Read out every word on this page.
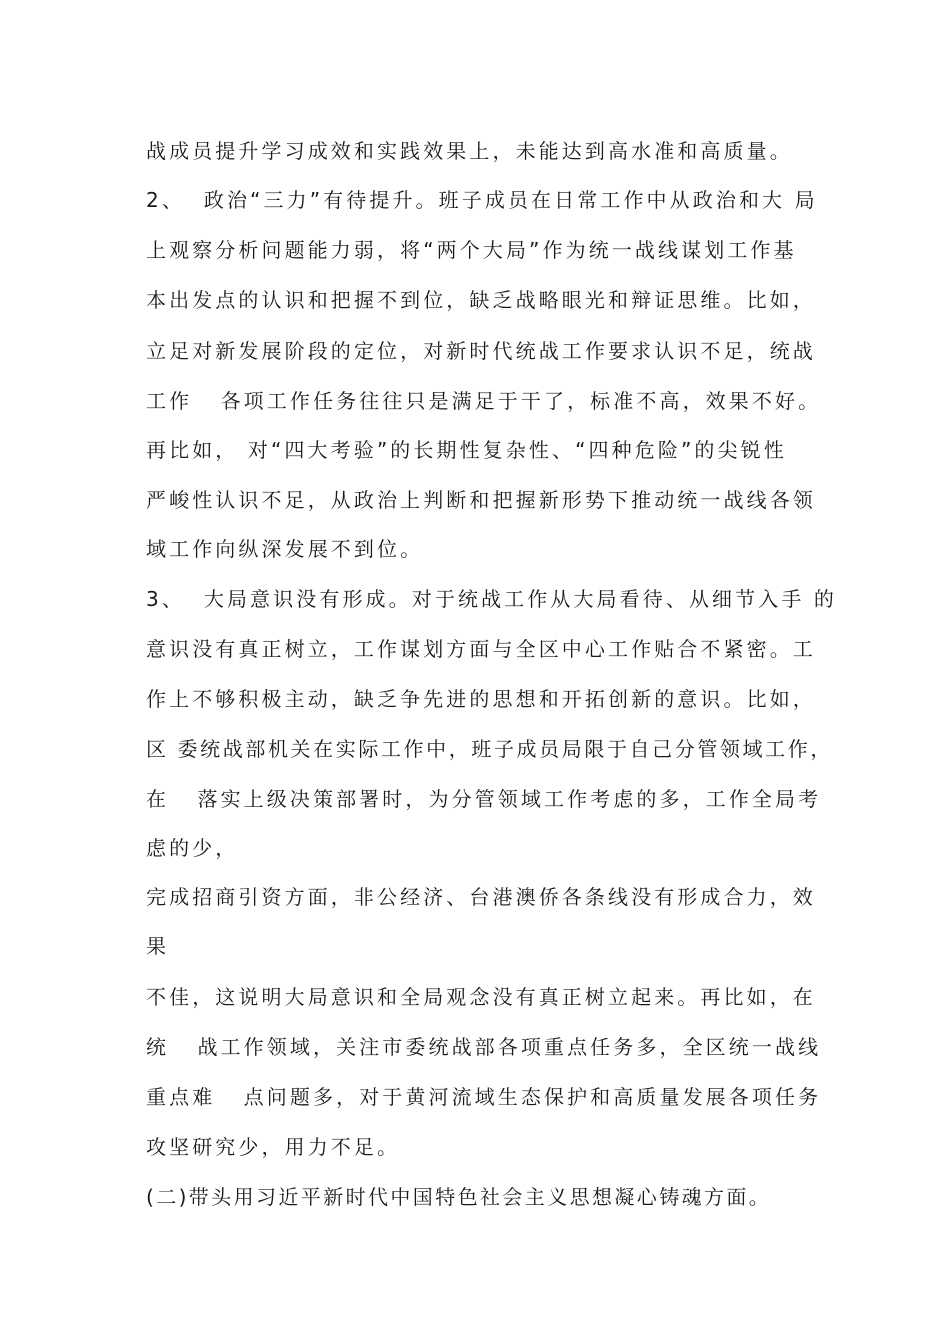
战成员提升学习成效和实践效果上，未能达到高水准和高质量。
2、  政治“三力”有待提升。班子成员在日常工作中从政治和大 局
上观察分析问题能力弱，将“两个大局”作为统一战线谋划工作基
本出发点的认识和把握不到位，缺乏战略眼光和辩证思维。比如，
立足对新发展阶段的定位，对新时代统战工作要求认识不足，统战
工作   各项工作任务往往只是满足于干了，标准不高，效果不好。
再比如， 对“四大考验”的长期性复杂性、“四种危险”的尖锐性
严峻性认识不足，从政治上判断和把握新形势下推动统一战线各领
域工作向纵深发展不到位。
3、  大局意识没有形成。对于统战工作从大局看待、从细节入手 的
意识没有真正树立，工作谋划方面与全区中心工作贴合不紧密。工
作上不够积极主动，缺乏争先进的思想和开拓创新的意识。比如，
区 委统战部机关在实际工作中，班子成员局限于自己分管领域工作，
在   落实上级决策部署时，为分管领域工作考虑的多，工作全局考
虑的少，
完成招商引资方面，非公经济、台港澳侨各条线没有形成合力，效
果
不佳，这说明大局意识和全局观念没有真正树立起来。再比如，在
统   战工作领域，关注市委统战部各项重点任务多，全区统一战线
重点难   点问题多，对于黄河流域生态保护和高质量发展各项任务
攻坚研究少，用力不足。
(二)带头用习近平新时代中国特色社会主义思想凝心铸魂方面。
